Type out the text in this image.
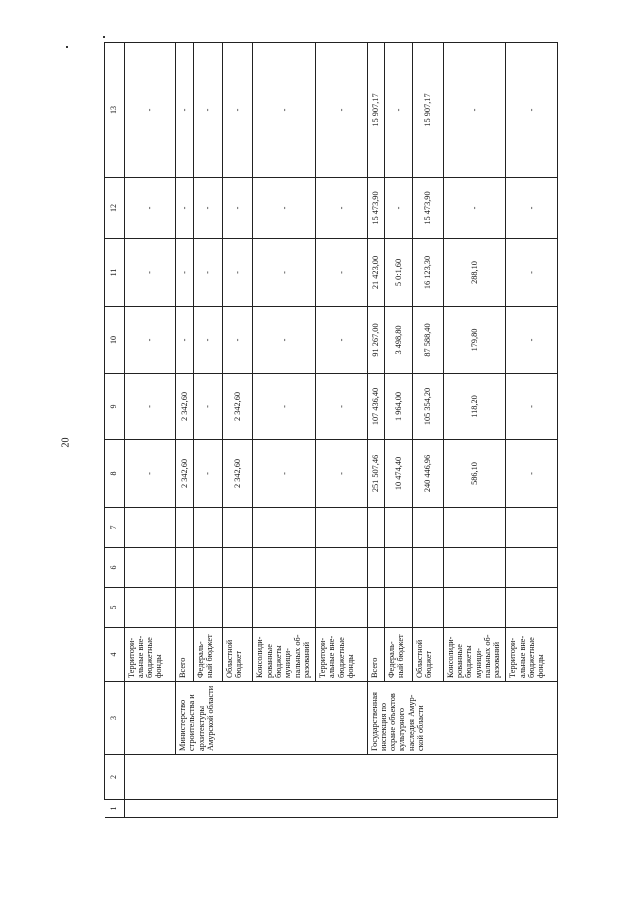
20
1	2	3	4	5	6	7	8	9	10	11	12	13
			Территори-альные вне-бюджетные фонды				-	-	-	-	-	-
		Министерство строительства и архитектуры Амурской области	Всего				2 342,60	2 342,60	-	-	-	-
			Федераль-ный бюджет				-	-	-	-	-	-
			Областной бюджет				2 342,60	2 342,60	-	-	-	-
			Консолиди-рованные бюджеты муници-пальных об-разований				-	-	-	-	-	-
			Территори-альные вне-бюджетные фонды				-	-	-	-	-	-
		Государственная инспекция по охране объектов культурного наследия Амур-ской области	Всего				251 507,46	107 436,40	91 267,00	21 423,00	15 473,90	15 907,17
			Федераль-ный бюджет				10 474,40	1 964,00	3 498,80	5 0:1,60	-	-
			Областной бюджет				240 446,96	105 354,20	87 588,40	16 123,30	15 473,90	15 907,17
			Консолиди-рованные бюджеты муници-пальных об-разований				586,10	118,20	179,80	288,10	-	-
			Территори-альные вне-бюджетные фонды				-	-	-	-	-	-
